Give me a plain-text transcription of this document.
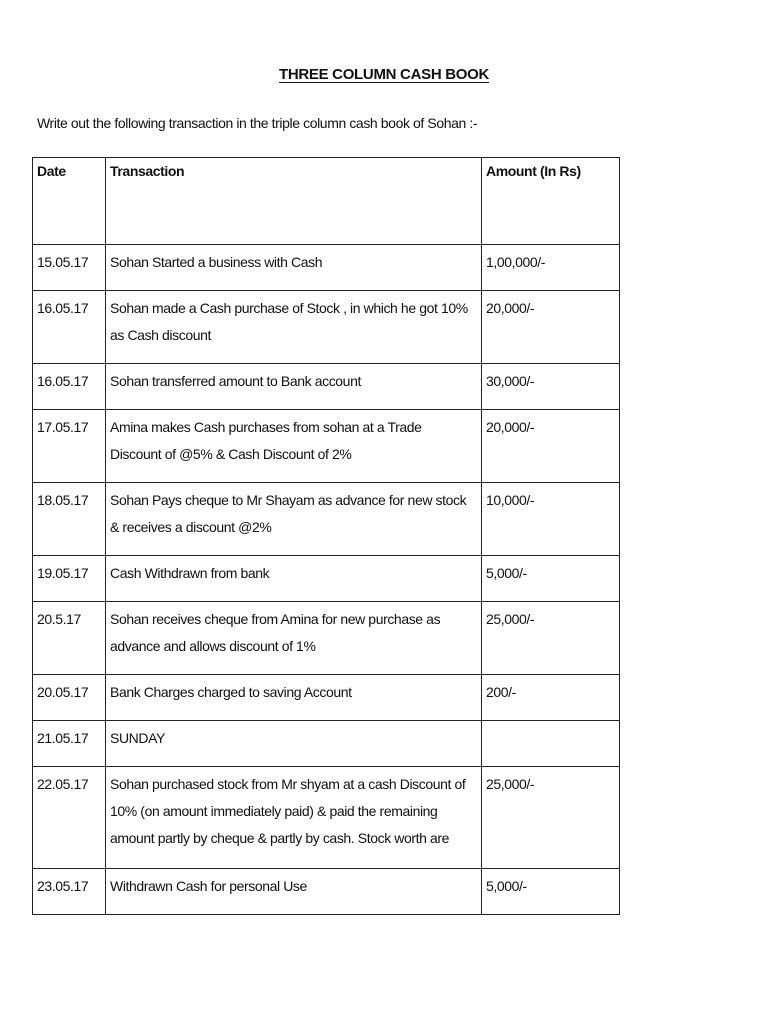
THREE COLUMN CASH BOOK
Write out the following transaction in the triple column cash book of Sohan :-
Date	Transaction	Amount (In Rs)
15.05.17	Sohan Started a business with Cash	1,00,000/-
16.05.17	Sohan made a Cash purchase of Stock , in which he got 10% as Cash discount	20,000/-
16.05.17	Sohan transferred amount to Bank account	30,000/-
17.05.17	Amina makes Cash purchases from sohan at a Trade Discount of @5% & Cash Discount of 2%	20,000/-
18.05.17	Sohan Pays cheque to Mr Shayam as advance for new stock & receives a discount @2%	10,000/-
19.05.17	Cash Withdrawn from bank	5,000/-
20.5.17	Sohan receives cheque from Amina for new purchase as advance and allows discount of 1%	25,000/-
20.05.17	Bank Charges charged to saving Account	200/-
21.05.17	SUNDAY	
22.05.17	Sohan purchased stock from Mr shyam at a cash Discount of 10% (on amount immediately paid) & paid the remaining amount partly by cheque & partly by cash. Stock worth are	25,000/-
23.05.17	Withdrawn Cash for personal Use	5,000/-
